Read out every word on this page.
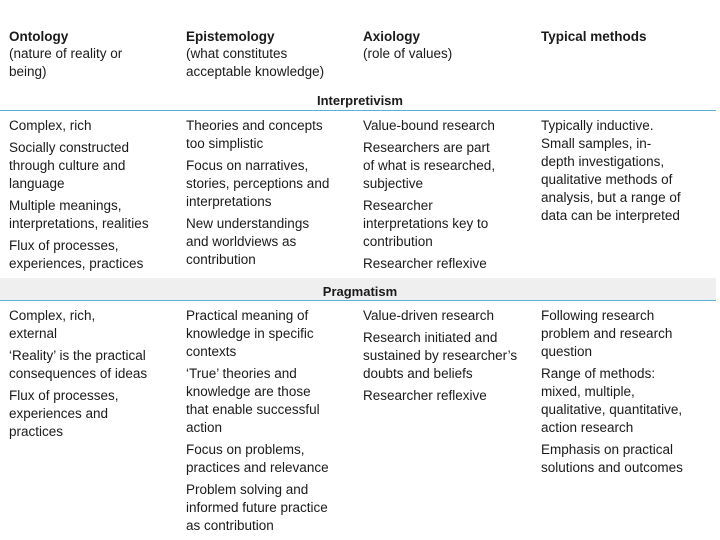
Ontology
(nature of reality or
being)
Epistemology
(what constitutes
acceptable knowledge)
Axiology
(role of values)
Typical methods
Interpretivism

Complex, rich

Socially constructed
through culture and
language

Multiple meanings,
interpretations, realities

Flux of processes,
experiences, practices

Theories and concepts
too simplistic

Focus on narratives,
stories, perceptions and
interpretations

New understandings
and worldviews as
contribution

Value-bound research

Researchers are part
of what is researched,
subjective

Researcher
interpretations key to
contribution

Researcher reflexive

Typically inductive.
Small samples, in-
depth investigations,
qualitative methods of
analysis, but a range of
data can be interpreted

Pragmatism

Complex, rich,
external

‘Reality’ is the practical
consequences of ideas

Flux of processes,
experiences and
practices

Practical meaning of
knowledge in specific
contexts

‘True’ theories and
knowledge are those
that enable successful
action

Focus on problems,
practices and relevance

Problem solving and
informed future practice
as contribution

Value-driven research

Research initiated and
sustained by researcher’s
doubts and beliefs

Researcher reflexive

Following research
problem and research
question

Range of methods:
mixed, multiple,
qualitative, quantitative,
action research

Emphasis on practical
solutions and outcomes
